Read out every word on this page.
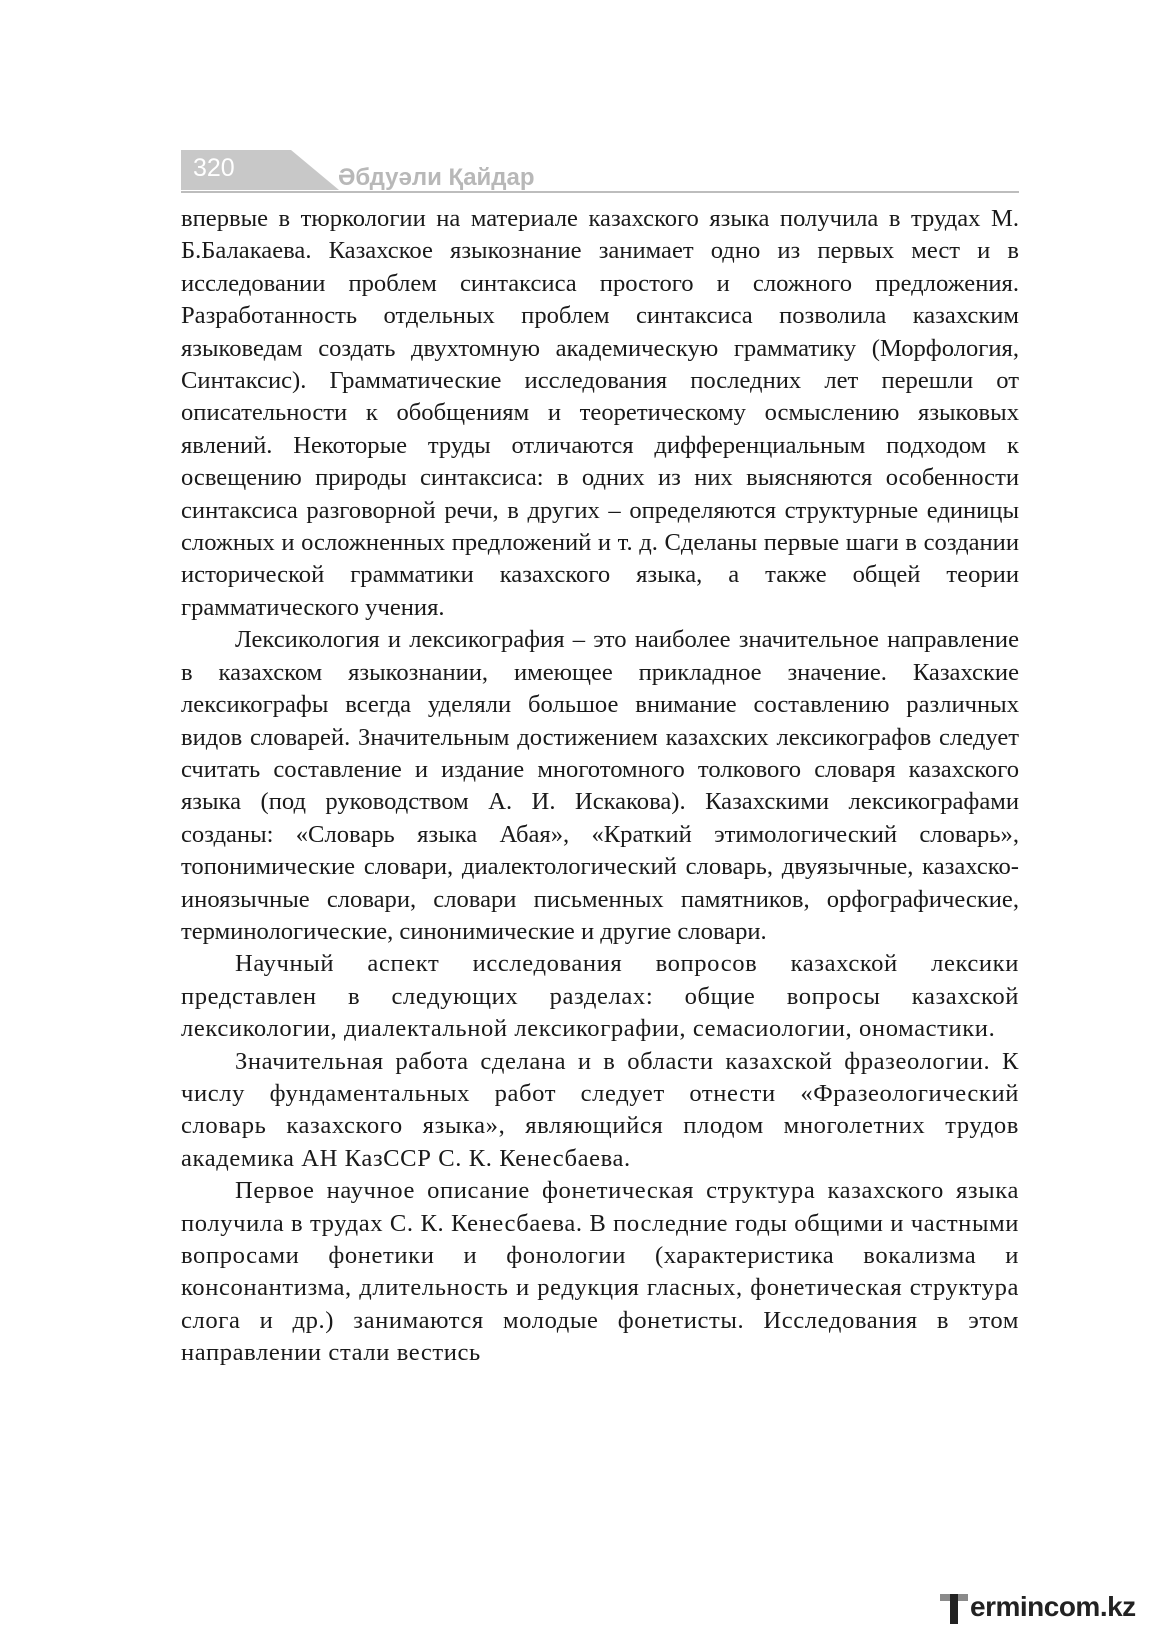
320	Әбдуәли Қайдар

впервые в тюркологии на материале казахского языка получила в трудах М. Б.Балакаева. Казахское языкознание занимает одно из первых мест и в исследовании проблем синтаксиса простого и сложного предложения. Разработанность отдельных проблем синтаксиса позволила казахским языковедам создать двухтомную академическую грамматику (Морфология, Синтаксис). Грамматические исследования последних лет перешли от описательности к обобщениям и теоретическому осмыслению языковых явлений. Некоторые труды отличаются дифференциальным подходом к освещению природы синтаксиса: в одних из них выясняются особенности синтаксиса разговорной речи, в других – определяются структурные единицы сложных и осложненных предложений и т. д. Сделаны первые шаги в создании исторической грамматики казахского языка, а также общей теории грамматического учения.

Лексикология и лексикография – это наиболее значительное направление в казахском языкознании, имеющее прикладное значение. Казахские лексикографы всегда уделяли большое внимание составлению различных видов словарей. Значительным достижением казахских лексикографов следует считать составление и издание многотомного толкового словаря казахского языка (под руководством А. И. Искакова). Казахскими лексикографами созданы: «Словарь языка Абая», «Краткий этимологический словарь», топонимические словари, диалектологический словарь, двуязычные, казахско-иноязычные словари, словари письменных памятников, орфографические, терминологические, синонимические и другие словари.

Научный аспект исследования вопросов казахской лексики представлен в следующих разделах: общие вопросы казахской лексикологии, диалектальной лексикографии, семасиологии, ономастики.

Значительная работа сделана и в области казахской фразеологии. К числу фундаментальных работ следует отнести «Фразеологический словарь казахского языка», являющийся плодом многолетних трудов академика АН КазССР С. К. Кенесбаева.

Первое научное описание фонетическая структура казахского языка получила в трудах С. К. Кенесбаева. В последние годы общими и частными вопросами фонетики и фонологии (характеристика вокализма и консонантизма, длительность и редукция гласных, фонетическая структура слога и др.) занимаются молодые фонетисты. Исследования в этом направлении стали вестись

ermincom.kz
